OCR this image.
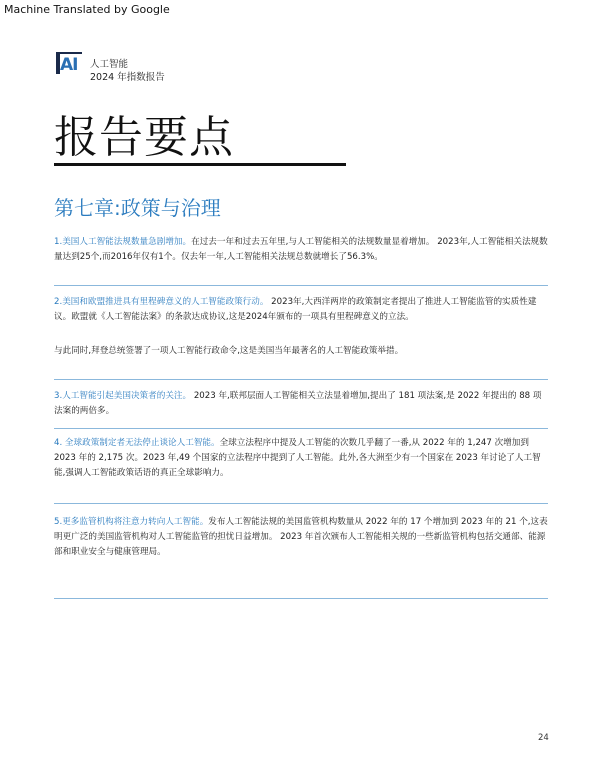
Machine Translated by Google
AI 人工智能
2024 年指数报告
报告要点
第七章:政策与治理
1.美国人工智能法规数量急剧增加。在过去一年和过去五年里,与人工智能相关的法规数量显着增加。 2023年,人工智能相关法规数量达到25个,而2016年仅有1个。仅去年一年,人工智能相关法规总数就增长了56.3%。
2.美国和欧盟推进具有里程碑意义的人工智能政策行动。 2023年,大西洋两岸的政策制定者提出了推进人工智能监管的实质性建议。欧盟就《人工智能法案》的条款达成协议,这是2024年颁布的一项具有里程碑意义的立法。
与此同时,拜登总统签署了一项人工智能行政命令,这是美国当年最著名的人工智能政策举措。
3.人工智能引起美国决策者的关注。 2023 年,联邦层面人工智能相关立法显着增加,提出了 181 项法案,是 2022 年提出的 88 项法案的两倍多。
4. 全球政策制定者无法停止谈论人工智能。全球立法程序中提及人工智能的次数几乎翻了一番,从 2022 年的 1,247 次增加到 2023 年的 2,175 次。2023 年,49 个国家的立法程序中提到了人工智能。此外,各大洲至少有一个国家在 2023 年讨论了人工智能,强调人工智能政策话语的真正全球影响力。
5.更多监管机构将注意力转向人工智能。发布人工智能法规的美国监管机构数量从 2022 年的 17 个增加到 2023 年的 21 个,这表明更广泛的美国监管机构对人工智能监管的担忧日益增加。 2023 年首次颁布人工智能相关规的一些新监管机构包括交通部、能源部和职业安全与健康管理局。
24
